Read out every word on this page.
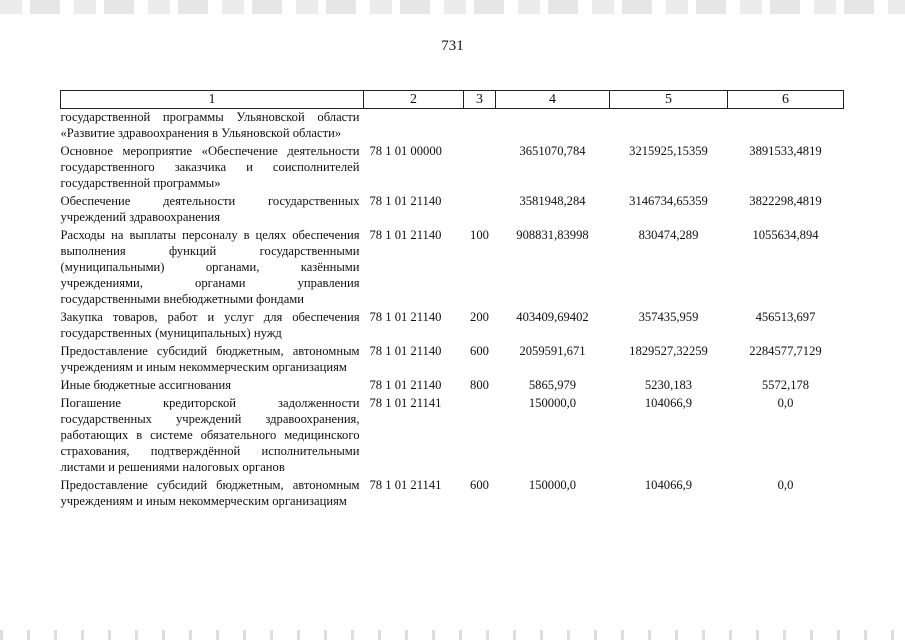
731
1	2	3	4	5	6
государственной программы Ульяновской области «Развитие здравоохранения в Ульяновской области»					
Основное мероприятие «Обеспечение деятельности государственного заказчика и соисполнителей государственной программы»	78 1 01 00000		3651070,784	3215925,15359	3891533,4819
Обеспечение деятельности государственных учреждений здравоохранения	78 1 01 21140		3581948,284	3146734,65359	3822298,4819
Расходы на выплаты персоналу в целях обеспечения выполнения функций государственными (муниципальными) органами, казёнными учреждениями, органами управления государственными внебюджетными фондами	78 1 01 21140	100	908831,83998	830474,289	1055634,894
Закупка товаров, работ и услуг для обеспечения государственных (муниципальных) нужд	78 1 01 21140	200	403409,69402	357435,959	456513,697
Предоставление субсидий бюджетным, автономным учреждениям и иным некоммерческим организациям	78 1 01 21140	600	2059591,671	1829527,32259	2284577,7129
Иные бюджетные ассигнования	78 1 01 21140	800	5865,979	5230,183	5572,178
Погашение кредиторской задолженности государственных учреждений здравоохранения, работающих в системе обязательного медицинского страхования, подтверждённой исполнительными листами и решениями налоговых органов	78 1 01 21141		150000,0	104066,9	0,0
Предоставление субсидий бюджетным, автономным учреждениям и иным некоммерческим организациям	78 1 01 21141	600	150000,0	104066,9	0,0
